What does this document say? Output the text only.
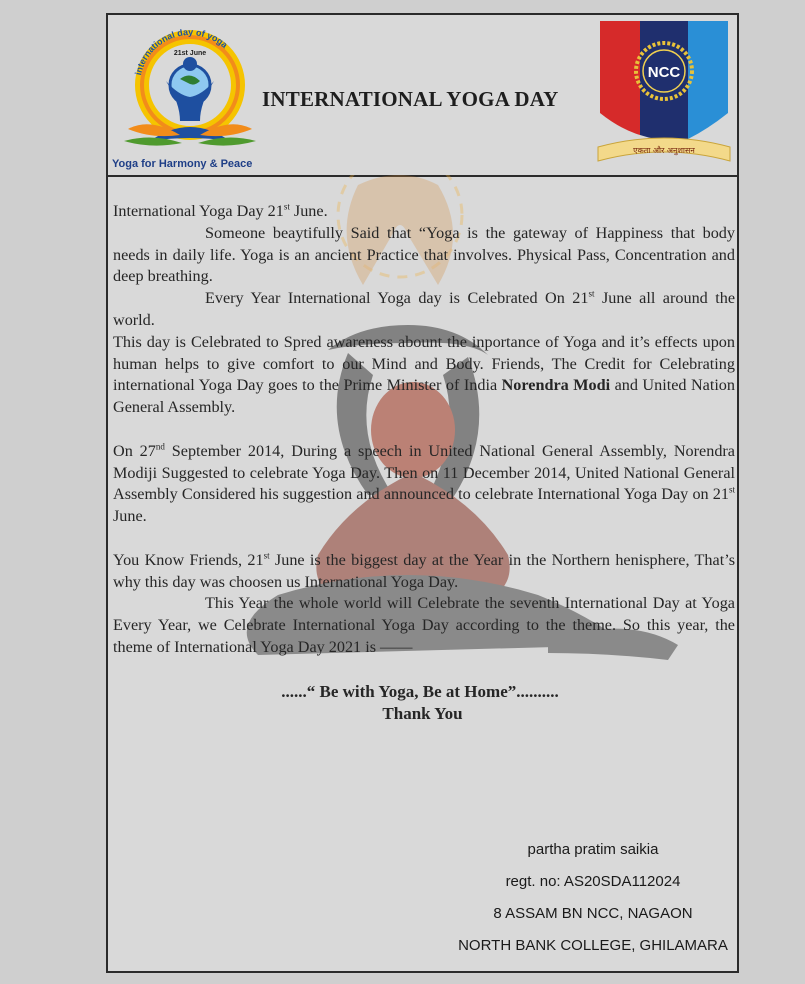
international day of yoga
21st June
Yoga for Harmony & Peace
INTERNATIONAL YOGA DAY
NCC
एकता और अनुशासन

International Yoga Day 21st June.

Someone beaytifully Said that “Yoga is the gateway of Happiness that body needs in daily life. Yoga is an ancient Practice that involves. Physical Pass, Concentration and deep breathing.

Every Year International Yoga day is Celebrated On 21st June all around the world.

This day is Celebrated to Spred awareness abount the inportance of Yoga and it’s effects upon human helps to give comfort to our Mind and Body. Friends, The Credit for Celebrating international Yoga Day goes to the Prime Minister of India Norendra Modi and United Nation General Assembly.

On 27nd September 2014, During a speech in United National General Assembly, Norendra Modiji Suggested to celebrate Yoga Day. Then on 11 December 2014, United National General Assembly Considered his suggestion and announced to celebrate International Yoga Day on 21st June.

You Know Friends, 21st June is the biggest day at the Year in the Northern henisphere, That’s why this day was choosen us International Yoga Day.

This Year the whole world will Celebrate the seventh International Day at Yoga Every Year, we Celebrate International Yoga Day according to the theme. So this year, the theme of International Yoga Day 2021 is ——

......“ Be with Yoga, Be at Home”..........
Thank You
partha pratim saikia
regt. no: AS20SDA112024
8 ASSAM BN NCC, NAGAON
NORTH BANK COLLEGE, GHILAMARA
